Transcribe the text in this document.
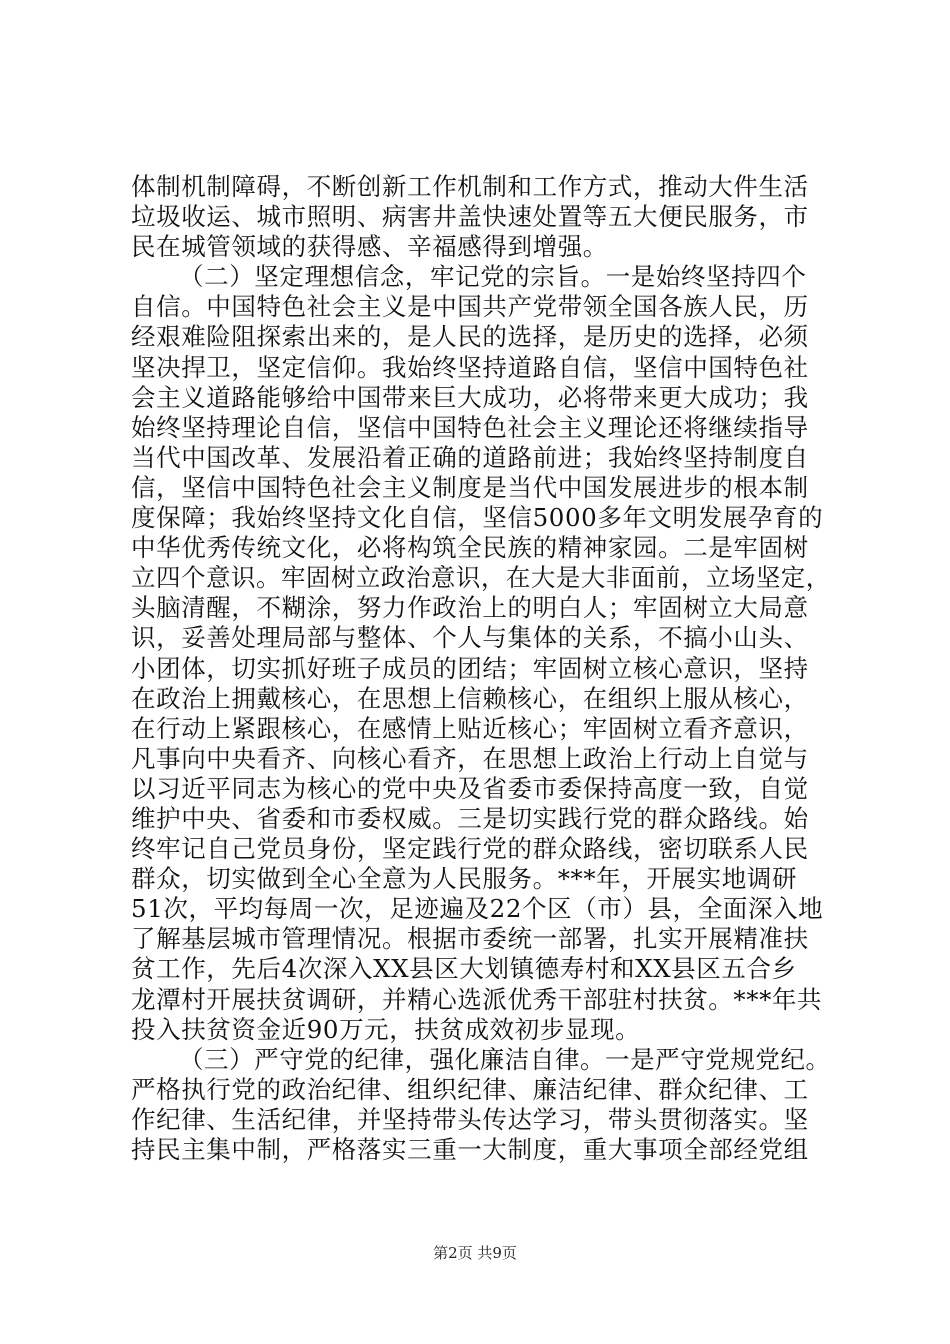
体制机制障碍，不断创新工作机制和工作方式，推动大件生活
垃圾收运、城市照明、病害井盖快速处置等五大便民服务，市
民在城管领域的获得感、辛福感得到增强。
（二）坚定理想信念，牢记党的宗旨。一是始终坚持四个
自信。中国特色社会主义是中国共产党带领全国各族人民，历
经艰难险阻探索出来的，是人民的选择，是历史的选择，必须
坚决捍卫，坚定信仰。我始终坚持道路自信，坚信中国特色社
会主义道路能够给中国带来巨大成功，必将带来更大成功；我
始终坚持理论自信，坚信中国特色社会主义理论还将继续指导
当代中国改革、发展沿着正确的道路前进；我始终坚持制度自
信，坚信中国特色社会主义制度是当代中国发展进步的根本制
度保障；我始终坚持文化自信，坚信5000多年文明发展孕育的
中华优秀传统文化，必将构筑全民族的精神家园。二是牢固树
立四个意识。牢固树立政治意识，在大是大非面前，立场坚定，
头脑清醒，不糊涂，努力作政治上的明白人；牢固树立大局意
识，妥善处理局部与整体、个人与集体的关系，不搞小山头、
小团体，切实抓好班子成员的团结；牢固树立核心意识，坚持
在政治上拥戴核心，在思想上信赖核心，在组织上服从核心，
在行动上紧跟核心，在感情上贴近核心；牢固树立看齐意识，
凡事向中央看齐、向核心看齐，在思想上政治上行动上自觉与
以习近平同志为核心的党中央及省委市委保持高度一致，自觉
维护中央、省委和市委权威。三是切实践行党的群众路线。始
终牢记自己党员身份，坚定践行党的群众路线，密切联系人民
群众，切实做到全心全意为人民服务。***年，开展实地调研
51次，平均每周一次，足迹遍及22个区（市）县，全面深入地
了解基层城市管理情况。根据市委统一部署，扎实开展精准扶
贫工作，先后4次深入XX县区大划镇德寿村和XX县区五合乡
龙潭村开展扶贫调研，并精心选派优秀干部驻村扶贫。***年共
投入扶贫资金近90万元，扶贫成效初步显现。
（三）严守党的纪律，强化廉洁自律。一是严守党规党纪。
严格执行党的政治纪律、组织纪律、廉洁纪律、群众纪律、工
作纪律、生活纪律，并坚持带头传达学习，带头贯彻落实。坚
持民主集中制，严格落实三重一大制度，重大事项全部经党组
第2页 共9页
